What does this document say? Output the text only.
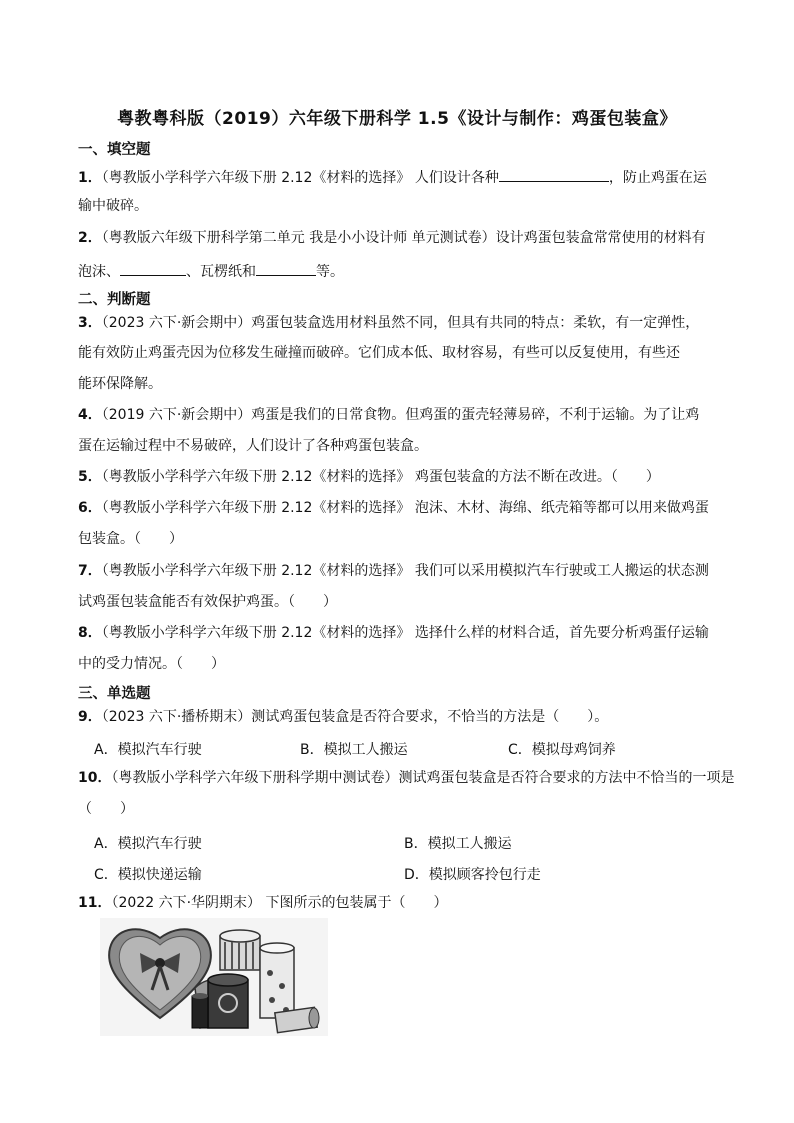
粤教粤科版（2019）六年级下册科学 1.5《设计与制作：鸡蛋包装盒》
一、填空题
1．（粤教版小学科学六年级下册 2.12《材料的选择》 人们设计各种	，防止鸡蛋在运
输中破碎。
2．（粤教版六年级下册科学第二单元 我是小小设计师 单元测试卷）设计鸡蛋包装盒常常使用的材料有
泡沫、	、瓦楞纸和	等。
二、判断题
3．（2023 六下·新会期中）鸡蛋包装盒选用材料虽然不同，但具有共同的特点：柔软，有一定弹性，
能有效防止鸡蛋壳因为位移发生碰撞而破碎。它们成本低、取材容易，有些可以反复使用，有些还
能环保降解。
4．（2019 六下·新会期中）鸡蛋是我们的日常食物。但鸡蛋的蛋壳轻薄易碎，不利于运输。为了让鸡
蛋在运输过程中不易破碎，人们设计了各种鸡蛋包装盒。
5．（粤教版小学科学六年级下册 2.12《材料的选择》 鸡蛋包装盒的方法不断在改进。（　　）
6．（粤教版小学科学六年级下册 2.12《材料的选择》 泡沫、木材、海绵、纸壳箱等都可以用来做鸡蛋
包装盒。（　　）
7．（粤教版小学科学六年级下册 2.12《材料的选择》 我们可以采用模拟汽车行驶或工人搬运的状态测
试鸡蛋包装盒能否有效保护鸡蛋。（　　）
8．（粤教版小学科学六年级下册 2.12《材料的选择》 选择什么样的材料合适，首先要分析鸡蛋仔运输
中的受力情况。（　　）
三、单选题
9．（2023 六下·播桥期末）测试鸡蛋包装盒是否符合要求，不恰当的方法是（　　）。
A．模拟汽车行驶	B．模拟工人搬运	C．模拟母鸡饲养
10．（粤教版小学科学六年级下册科学期中测试卷）测试鸡蛋包装盒是否符合要求的方法中不恰当的一项是
（　　）
A．模拟汽车行驶	B．模拟工人搬运
C．模拟快递运输	D．模拟顾客拎包行走
11．（2022 六下·华阴期末） 下图所示的包装属于（　　）
